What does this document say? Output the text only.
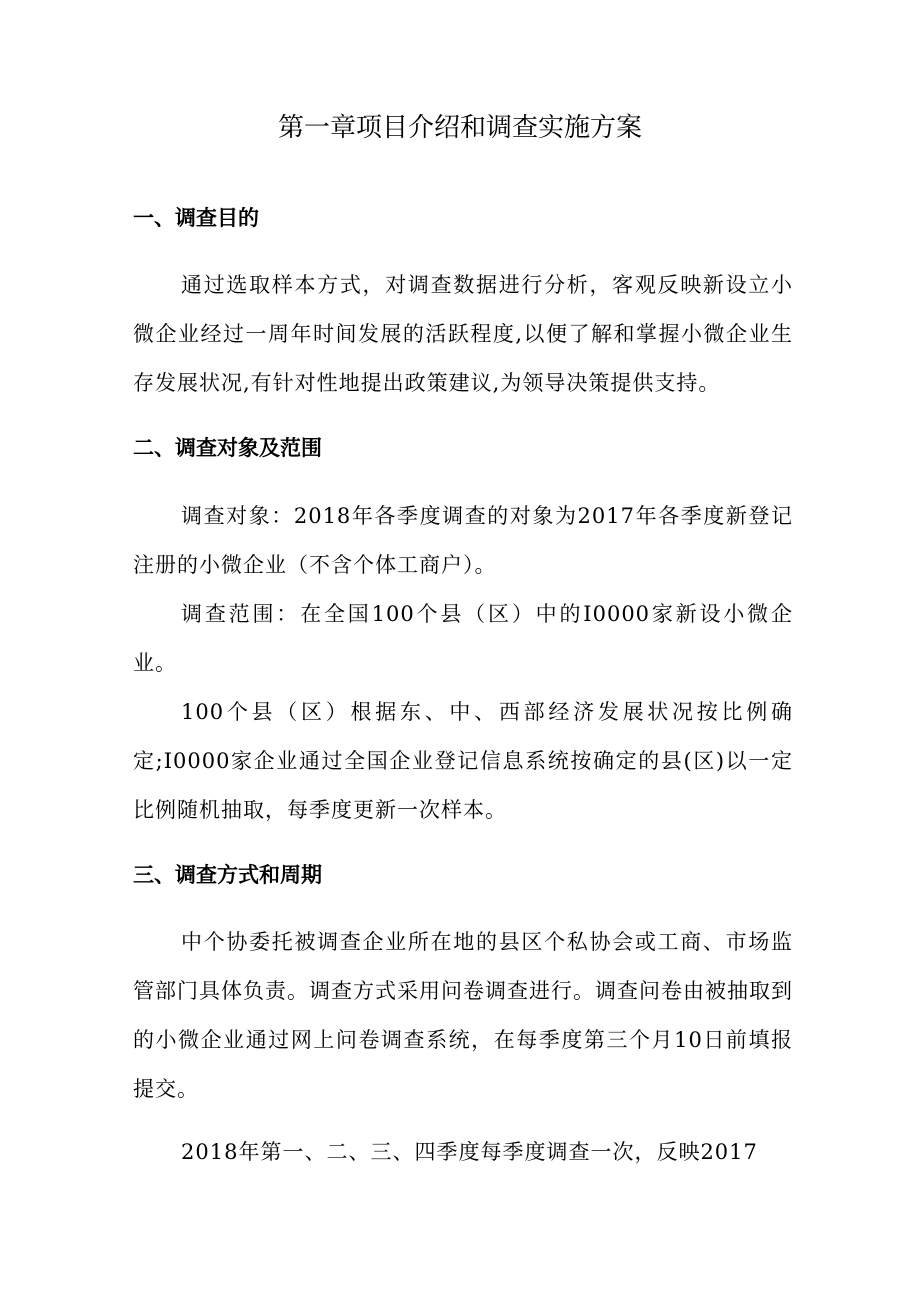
第一章项目介绍和调查实施方案
一、调查目的

通过选取样本方式，对调查数据进行分析，客观反映新设立小微企业经过一周年时间发展的活跃程度,以便了解和掌握小微企业生存发展状况,有针对性地提出政策建议,为领导决策提供支持。

二、调查对象及范围

调查对象：2018年各季度调查的对象为2017年各季度新登记注册的小微企业（不含个体工商户）。

调查范围：在全国100个县（区）中的I0000家新设小微企业。

100个县（区）根据东、中、西部经济发展状况按比例确定;I0000家企业通过全国企业登记信息系统按确定的县(区)以一定比例随机抽取，每季度更新一次样本。

三、调查方式和周期

中个协委托被调查企业所在地的县区个私协会或工商、市场监管部门具体负责。调查方式采用问卷调查进行。调查问卷由被抽取到的小微企业通过网上问卷调查系统，在每季度第三个月10日前填报提交。

2018年第一、二、三、四季度每季度调查一次，反映2017
